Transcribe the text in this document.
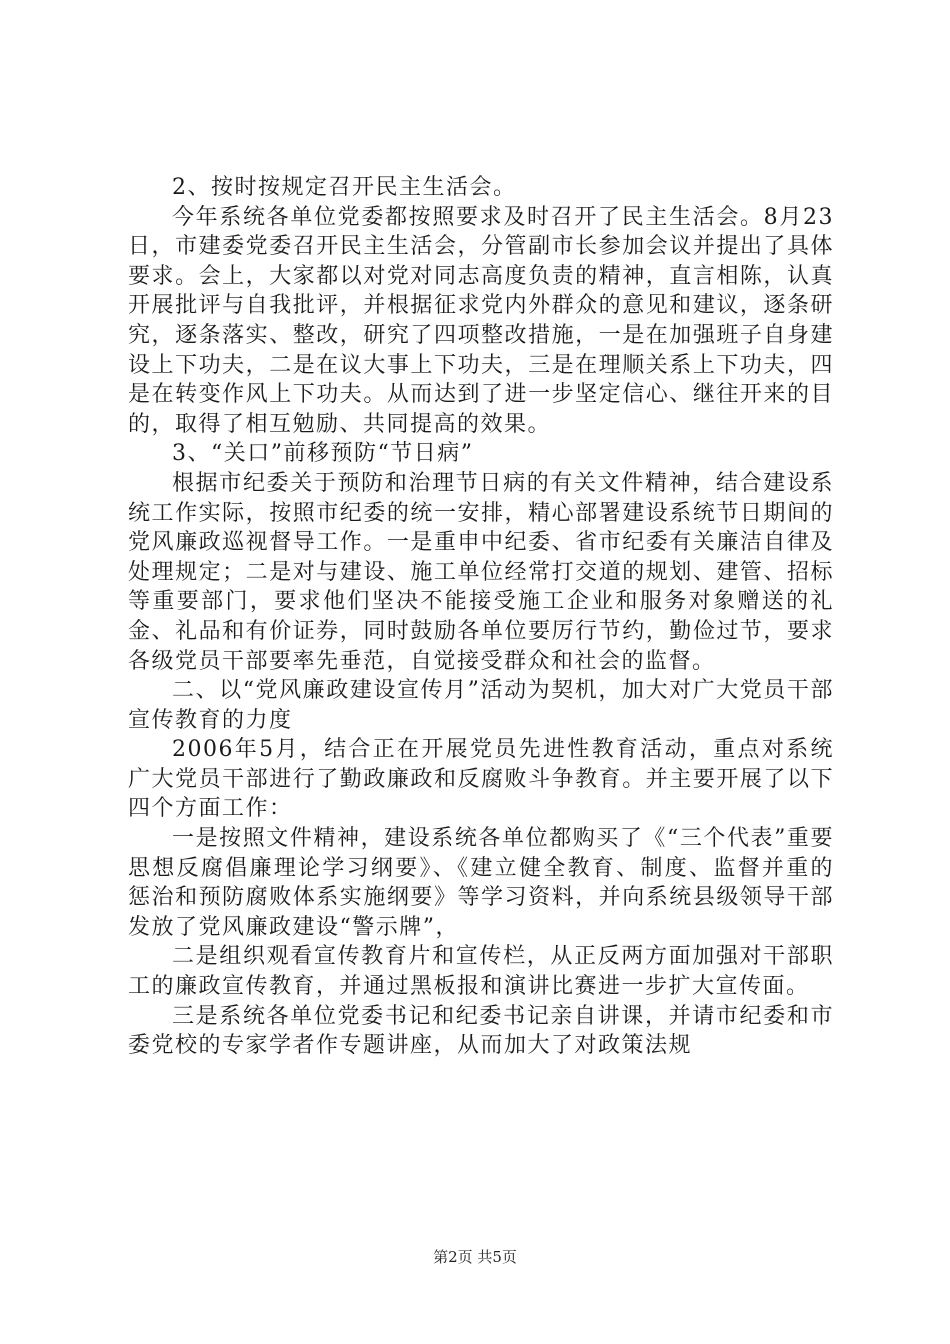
2、按时按规定召开民主生活会。

今年系统各单位党委都按照要求及时召开了民主生活会。8月23日，市建委党委召开民主生活会，分管副市长参加会议并提出了具体要求。会上，大家都以对党对同志高度负责的精神，直言相陈，认真开展批评与自我批评，并根据征求党内外群众的意见和建议，逐条研究，逐条落实、整改，研究了四项整改措施，一是在加强班子自身建设上下功夫，二是在议大事上下功夫，三是在理顺关系上下功夫，四是在转变作风上下功夫。从而达到了进一步坚定信心、继往开来的目的，取得了相互勉励、共同提高的效果。

3、“关口”前移预防“节日病”

根据市纪委关于预防和治理节日病的有关文件精神，结合建设系统工作实际，按照市纪委的统一安排，精心部署建设系统节日期间的党风廉政巡视督导工作。一是重申中纪委、省市纪委有关廉洁自律及处理规定；二是对与建设、施工单位经常打交道的规划、建管、招标等重要部门，要求他们坚决不能接受施工企业和服务对象赠送的礼金、礼品和有价证券，同时鼓励各单位要厉行节约，勤俭过节，要求各级党员干部要率先垂范，自觉接受群众和社会的监督。

二、以“党风廉政建设宣传月”活动为契机，加大对广大党员干部宣传教育的力度

2006年5月，结合正在开展党员先进性教育活动，重点对系统广大党员干部进行了勤政廉政和反腐败斗争教育。并主要开展了以下四个方面工作：

一是按照文件精神，建设系统各单位都购买了《“三个代表”重要思想反腐倡廉理论学习纲要》、《建立健全教育、制度、监督并重的惩治和预防腐败体系实施纲要》等学习资料，并向系统县级领导干部发放了党风廉政建设“警示牌”，

二是组织观看宣传教育片和宣传栏，从正反两方面加强对干部职工的廉政宣传教育，并通过黑板报和演讲比赛进一步扩大宣传面。

三是系统各单位党委书记和纪委书记亲自讲课，并请市纪委和市委党校的专家学者作专题讲座，从而加大了对政策法规

第2页 共5页
